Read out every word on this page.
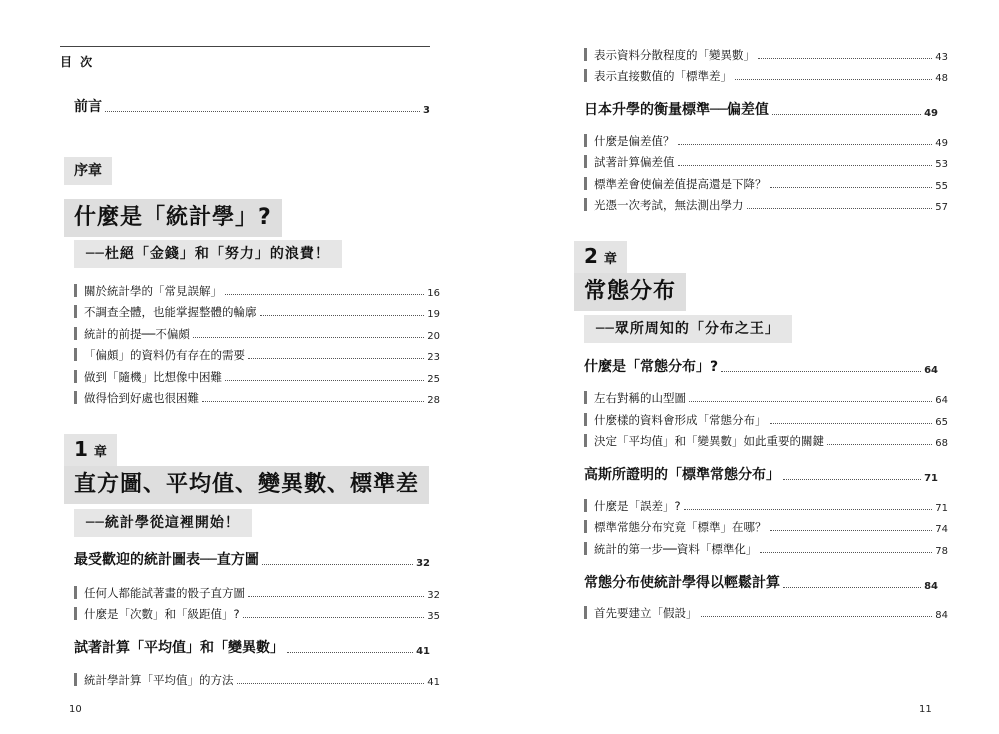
目 次
前言	3
序章
什麼是「統計學」?
──杜絕「金錢」和「努力」的浪費！
關於統計學的「常見誤解」	16
不調查全體，也能掌握整體的輪廓	19
統計的前提──不偏頗	20
「偏頗」的資料仍有存在的需要	23
做到「隨機」比想像中困難	25
做得恰到好處也很困難	28
1 章
直方圖、平均值、變異數、標準差
──統計學從這裡開始！
最受歡迎的統計圖表──直方圖	32
任何人都能試著畫的骰子直方圖	32
什麼是「次數」和「級距值」?	35
試著計算「平均值」和「變異數」	41
統計學計算「平均值」的方法	41
10
表示資料分散程度的「變異數」	43
表示直接數值的「標準差」	48
日本升學的衡量標準──偏差值	49
什麼是偏差值？	49
試著計算偏差值	53
標準差會使偏差值提高還是下降？	55
光憑一次考試，無法測出學力	57
2 章
常態分布
──眾所周知的「分布之王」
什麼是「常態分布」?	64
左右對稱的山型圖	64
什麼樣的資料會形成「常態分布」	65
決定「平均值」和「變異數」如此重要的關鍵	68
高斯所證明的「標準常態分布」	71
什麼是「誤差」?	71
標準常態分布究竟「標準」在哪？	74
統計的第一步──資料「標準化」	78
常態分布使統計學得以輕鬆計算	84
首先要建立「假設」	84
11
